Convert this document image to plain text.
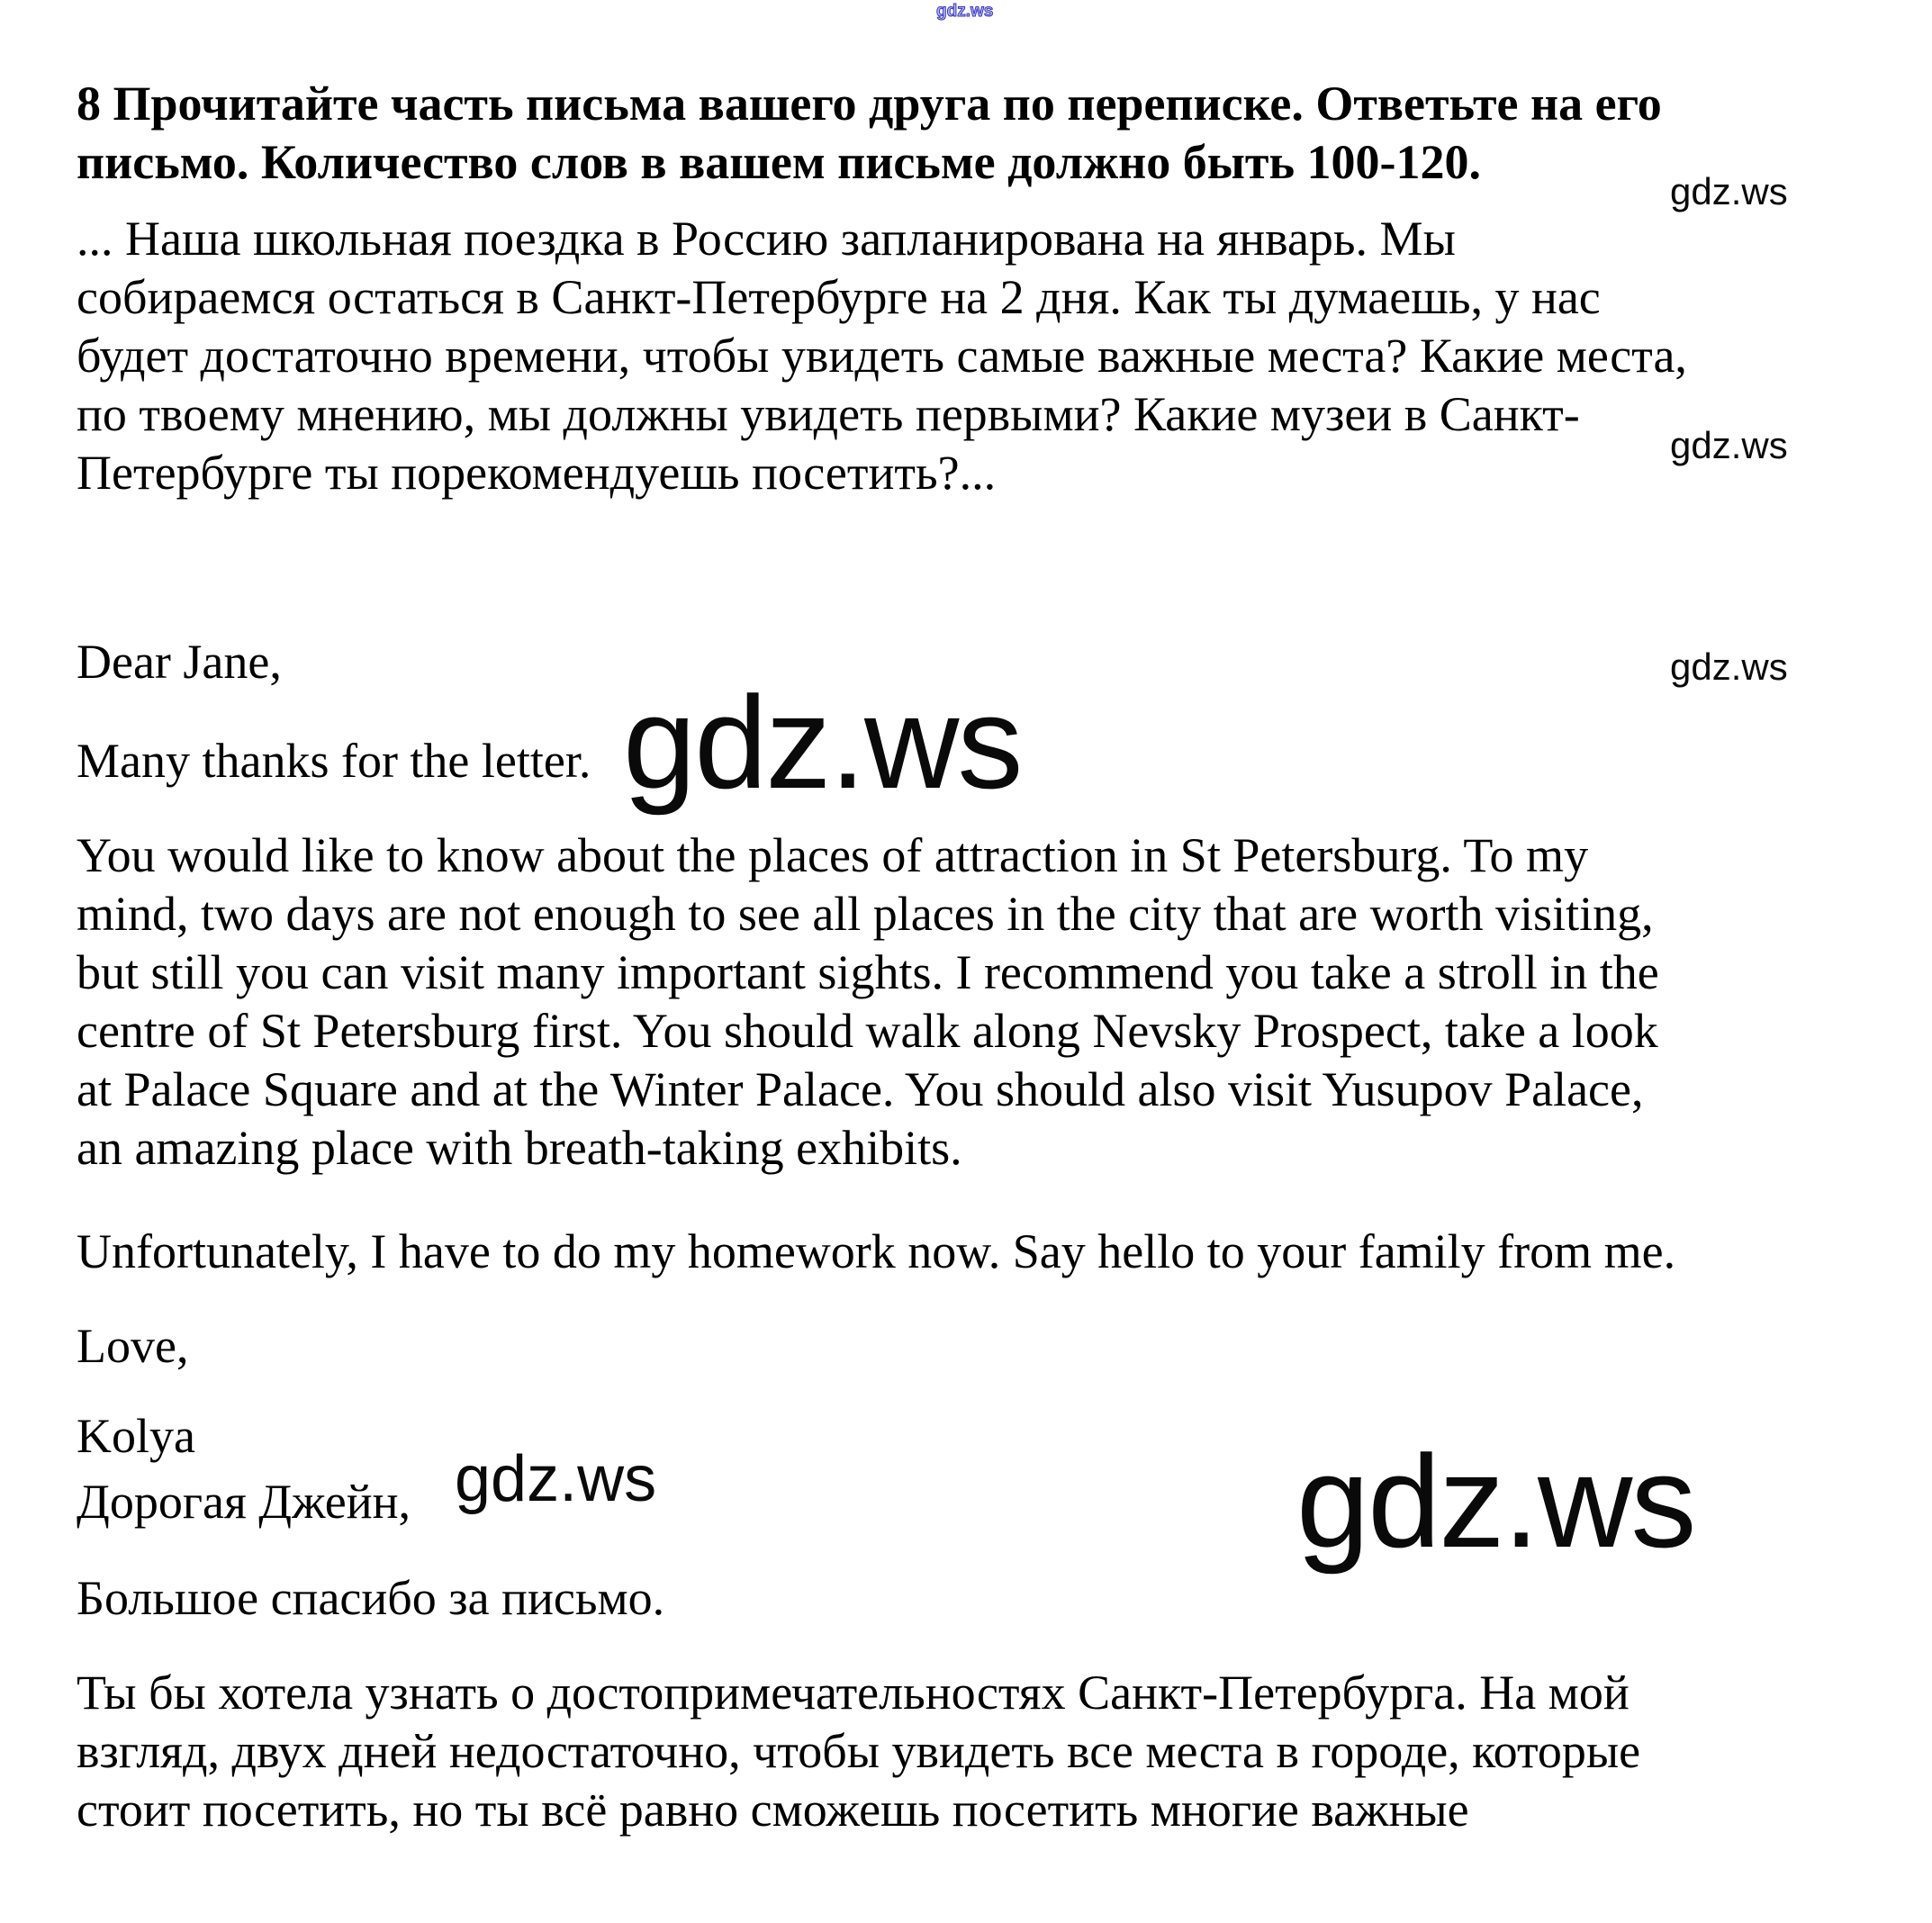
8 Прочитайте часть письма вашего друга по переписке. Ответьте на его
письмо. Количество слов в вашем письме должно быть 100-120.
... Наша школьная поездка в Россию запланирована на январь. Мы
собираемся остаться в Санкт-Петербурге на 2 дня. Как ты думаешь, у нас
будет достаточно времени, чтобы увидеть самые важные места? Какие места,
по твоему мнению, мы должны увидеть первыми? Какие музеи в Санкт-
Петербурге ты порекомендуешь посетить?...
Dear Jane,
Many thanks for the letter.
You would like to know about the places of attraction in St Petersburg. To my
mind, two days are not enough to see all places in the city that are worth visiting,
but still you can visit many important sights. I recommend you take a stroll in the
centre of St Petersburg first. You should walk along Nevsky Prospect, take a look
at Palace Square and at the Winter Palace. You should also visit Yusupov Palace,
an amazing place with breath-taking exhibits.
Unfortunately, I have to do my homework now. Say hello to your family from me.
Love,
Kolya
Дорогая Джейн,
Большое спасибо за письмо.
Ты бы хотела узнать о достопримечательностях Санкт-Петербурга. На мой
взгляд, двух дней недостаточно, чтобы увидеть все места в городе, которые
стоит посетить, но ты всё равно сможешь посетить многие важные
gdz.ws
gdz.ws
gdz.ws
gdz.ws
gdz.ws
gdz.ws	gdz.ws
